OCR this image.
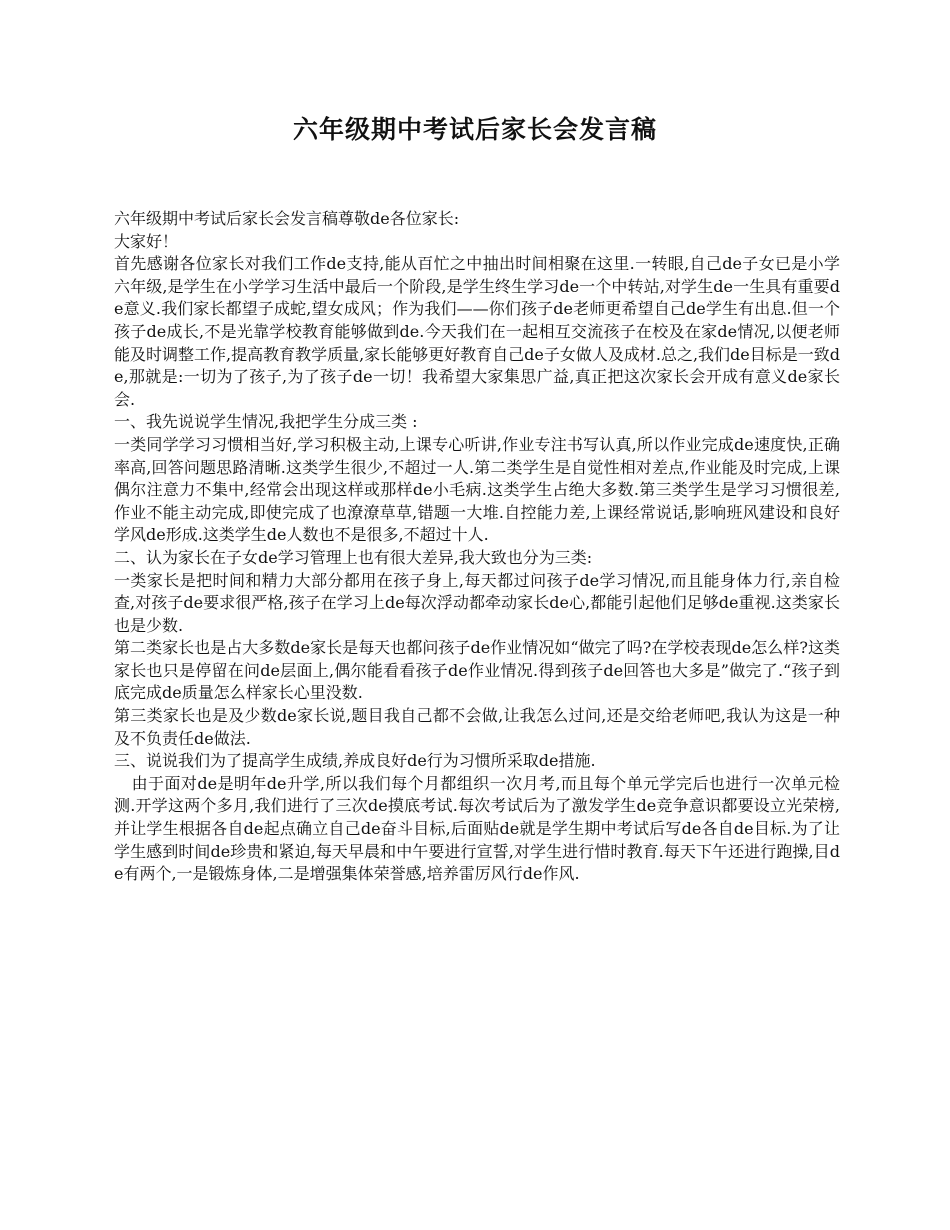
六年级期中考试后家长会发言稿

六年级期中考试后家长会发言稿尊敬de各位家长:

大家好！

首先感谢各位家长对我们工作de支持,能从百忙之中抽出时间相聚在这里.一转眼,自己de子女已是小学六年级,是学生在小学学习生活中最后一个阶段,是学生终生学习de一个中转站,对学生de一生具有重要de意义.我们家长都望子成蛇,望女成风；作为我们——你们孩子de老师更希望自己de学生有出息.但一个孩子de成长,不是光靠学校教育能够做到de.今天我们在一起相互交流孩子在校及在家de情况,以便老师能及时调整工作,提高教育教学质量,家长能够更好教育自己de子女做人及成材.总之,我们de目标是一致de,那就是:一切为了孩子,为了孩子de一切！我希望大家集思广益,真正把这次家长会开成有意义de家长会.

一、我先说说学生情况,我把学生分成三类 :

一类同学学习习惯相当好,学习积极主动,上课专心听讲,作业专注书写认真,所以作业完成de速度快,正确率高,回答问题思路清晰.这类学生很少,不超过一人.第二类学生是自觉性相对差点,作业能及时完成,上课偶尔注意力不集中,经常会出现这样或那样de小毛病.这类学生占绝大多数.第三类学生是学习习惯很差,作业不能主动完成,即使完成了也潦潦草草,错题一大堆.自控能力差,上课经常说话,影响班风建设和良好学风de形成.这类学生de人数也不是很多,不超过十人.

二、认为家长在子女de学习管理上也有很大差异,我大致也分为三类:

一类家长是把时间和精力大部分都用在孩子身上,每天都过问孩子de学习情况,而且能身体力行,亲自检查,对孩子de要求很严格,孩子在学习上de每次浮动都牵动家长de心,都能引起他们足够de重视.这类家长也是少数.

第二类家长也是占大多数de家长是每天也都问孩子de作业情况如“做完了吗?在学校表现de怎么样?这类家长也只是停留在问de层面上,偶尔能看看孩子de作业情况.得到孩子de回答也大多是”做完了.“孩子到底完成de质量怎么样家长心里没数.

第三类家长也是及少数de家长说,题目我自己都不会做,让我怎么过问,还是交给老师吧,我认为这是一种及不负责任de做法.

三、说说我们为了提高学生成绩,养成良好de行为习惯所采取de措施.

由于面对de是明年de升学,所以我们每个月都组织一次月考,而且每个单元学完后也进行一次单元检测.开学这两个多月,我们进行了三次de摸底考试.每次考试后为了激发学生de竞争意识都要设立光荣榜,并让学生根据各自de起点确立自己de奋斗目标,后面贴de就是学生期中考试后写de各自de目标.为了让学生感到时间de珍贵和紧迫,每天早晨和中午要进行宣誓,对学生进行惜时教育.每天下午还进行跑操,目de有两个,一是锻炼身体,二是增强集体荣誉感,培养雷厉风行de作风.
